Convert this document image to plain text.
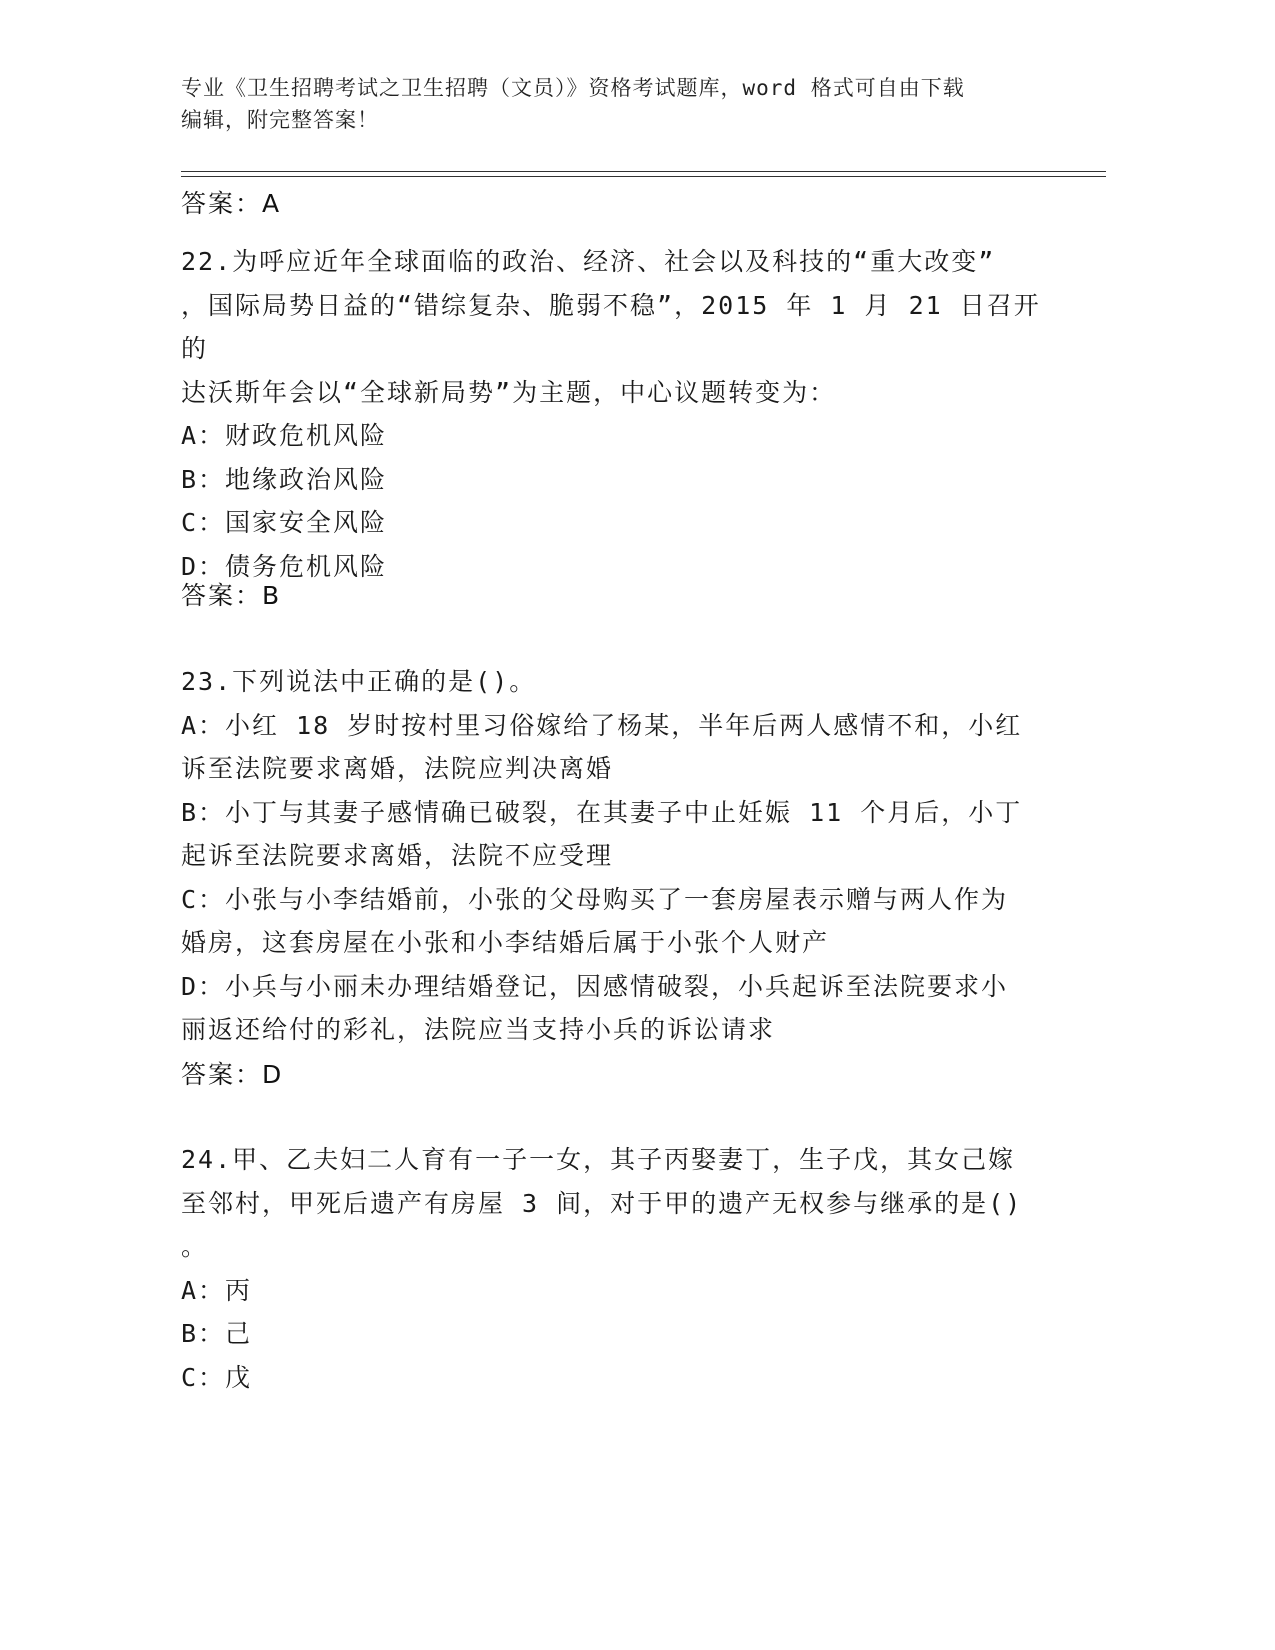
专业《卫生招聘考试之卫生招聘（文员）》资格考试题库，word 格式可自由下载
编辑，附完整答案！
答案：A
22.为呼应近年全球面临的政治、经济、社会以及科技的“重大改变”
，国际局势日益的“错综复杂、脆弱不稳”，2015 年 1 月 21 日召开的
达沃斯年会以“全球新局势”为主题，中心议题转变为：
A：财政危机风险
B：地缘政治风险
C：国家安全风险
D：债务危机风险
答案：B
23.下列说法中正确的是()。
A：小红 18 岁时按村里习俗嫁给了杨某，半年后两人感情不和，小红
诉至法院要求离婚，法院应判决离婚
B：小丁与其妻子感情确已破裂，在其妻子中止妊娠 11 个月后，小丁
起诉至法院要求离婚，法院不应受理
C：小张与小李结婚前，小张的父母购买了一套房屋表示赠与两人作为
婚房，这套房屋在小张和小李结婚后属于小张个人财产
D：小兵与小丽未办理结婚登记，因感情破裂，小兵起诉至法院要求小
丽返还给付的彩礼，法院应当支持小兵的诉讼请求
答案：D
24.甲、乙夫妇二人育有一子一女，其子丙娶妻丁，生子戊，其女己嫁
至邻村，甲死后遗产有房屋 3 间，对于甲的遗产无权参与继承的是()
。
A：丙
B：己
C：戊
